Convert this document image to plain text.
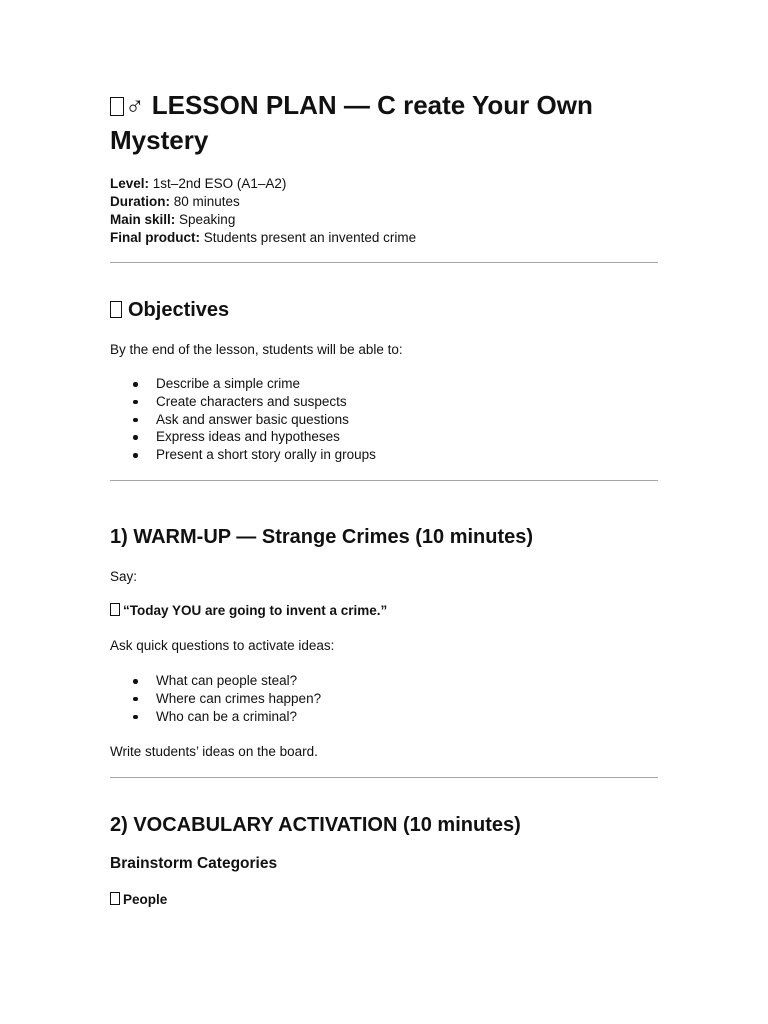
♂ LESSON PLAN — C reate Your Own Mystery
Level: 1st–2nd ESO (A1–A2)
Duration: 80 minutes
Main skill: Speaking
Final product: Students present an invented crime
Objectives

By the end of the lesson, students will be able to:

Describe a simple crime
Create characters and suspects
Ask and answer basic questions
Express ideas and hypotheses
Present a short story orally in groups
1) WARM-UP — Strange Crimes (10 minutes)

Say:

“Today YOU are going to invent a crime.”

Ask quick questions to activate ideas:

What can people steal?
Where can crimes happen?
Who can be a criminal?

Write students’ ideas on the board.

2) VOCABULARY ACTIVATION (10 minutes)
Brainstorm Categories

People
